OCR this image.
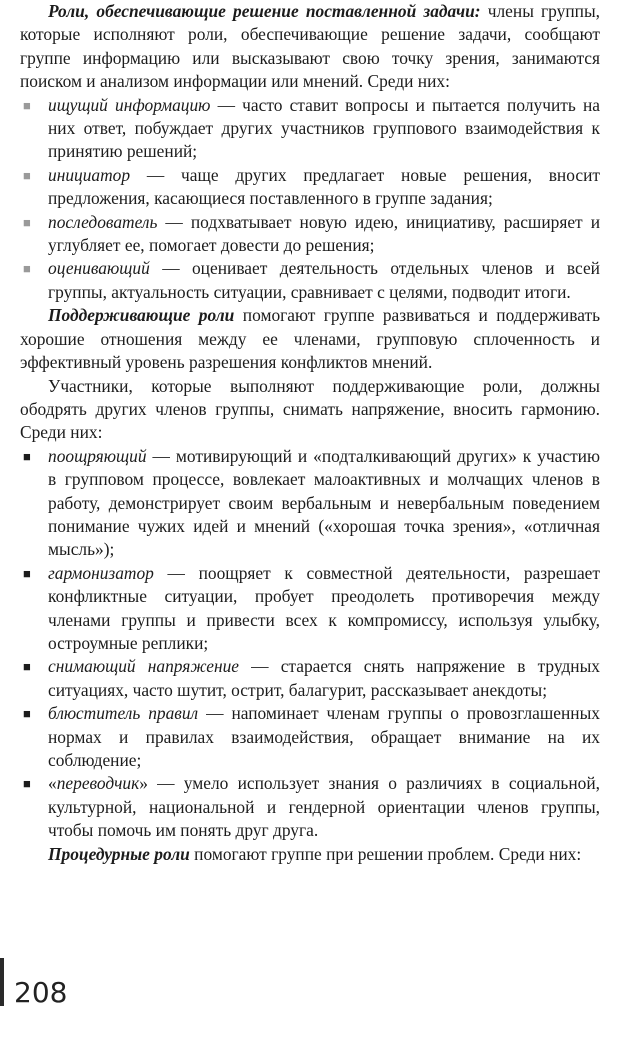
Роли, обеспечивающие решение поставленной задачи: члены группы, которые исполняют роли, обеспечивающие решение задачи, сообщают группе информацию или высказывают свою точку зрения, занимаются поиском и анализом информации или мнений. Среди них:

■ ищущий информацию — часто ставит вопросы и пытается получить на них ответ, побуждает других участников группового взаимодействия к принятию решений;
■ инициатор — чаще других предлагает новые решения, вносит предложения, касающиеся поставленного в группе задания;
■ последователь — подхватывает новую идею, инициативу, расширяет и углубляет ее, помогает довести до решения;
■ оценивающий — оценивает деятельность отдельных членов и всей группы, актуальность ситуации, сравнивает с целями, подводит итоги.

Поддерживающие роли помогают группе развиваться и поддерживать хорошие отношения между ее членами, групповую сплоченность и эффективный уровень разрешения конфликтов мнений.

Участники, которые выполняют поддерживающие роли, должны ободрять других членов группы, снимать напряжение, вносить гармонию. Среди них:

■ поощряющий — мотивирующий и «подталкивающий других» к участию в групповом процессе, вовлекает малоактивных и молчащих членов в работу, демонстрирует своим вербальным и невербальным поведением понимание чужих идей и мнений («хорошая точка зрения», «отличная мысль»);
■ гармонизатор — поощряет к совместной деятельности, разрешает конфликтные ситуации, пробует преодолеть противоречия между членами группы и привести всех к компромиссу, используя улыбку, остроумные реплики;
■ снимающий напряжение — старается снять напряжение в трудных ситуациях, часто шутит, острит, балагурит, рассказывает анекдоты;
■ блюститель правил — напоминает членам группы о провозглашенных нормах и правилах взаимодействия, обращает внимание на их соблюдение;
■ «переводчик» — умело использует знания о различиях в социальной, культурной, национальной и гендерной ориентации членов группы, чтобы помочь им понять друг друга.

Процедурные роли помогают группе при решении проблем. Среди них:

208
